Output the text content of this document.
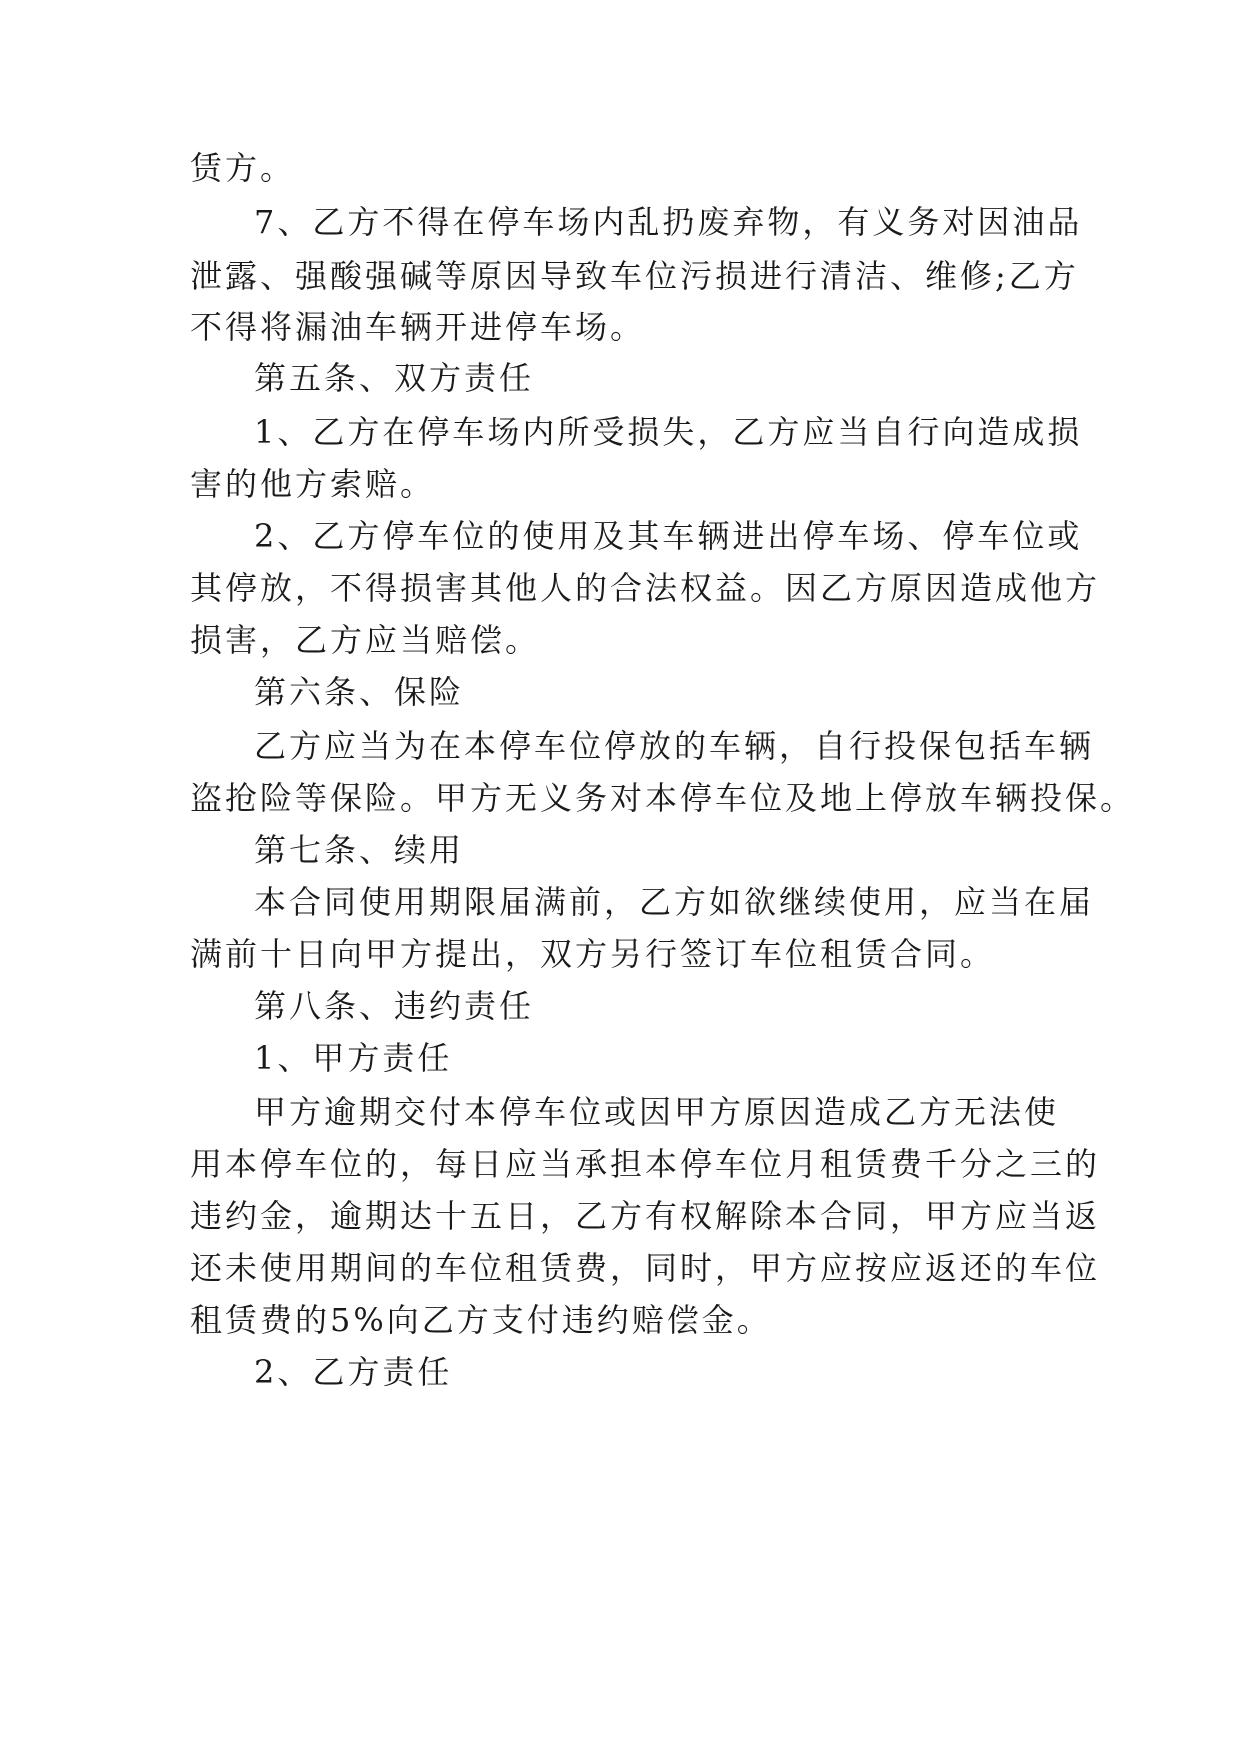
赁方。
7、乙方不得在停车场内乱扔废弃物，有义务对因油品
泄露、强酸强碱等原因导致车位污损进行清洁、维修;乙方
不得将漏油车辆开进停车场。
第五条、双方责任
1、乙方在停车场内所受损失，乙方应当自行向造成损
害的他方索赔。
2、乙方停车位的使用及其车辆进出停车场、停车位或
其停放，不得损害其他人的合法权益。因乙方原因造成他方
损害，乙方应当赔偿。
第六条、保险
乙方应当为在本停车位停放的车辆，自行投保包括车辆
盗抢险等保险。甲方无义务对本停车位及地上停放车辆投保。
第七条、续用
本合同使用期限届满前，乙方如欲继续使用，应当在届
满前十日向甲方提出，双方另行签订车位租赁合同。
第八条、违约责任
1、甲方责任
甲方逾期交付本停车位或因甲方原因造成乙方无法使
用本停车位的，每日应当承担本停车位月租赁费千分之三的
违约金，逾期达十五日，乙方有权解除本合同，甲方应当返
还未使用期间的车位租赁费，同时，甲方应按应返还的车位
租赁费的5%向乙方支付违约赔偿金。
2、乙方责任
